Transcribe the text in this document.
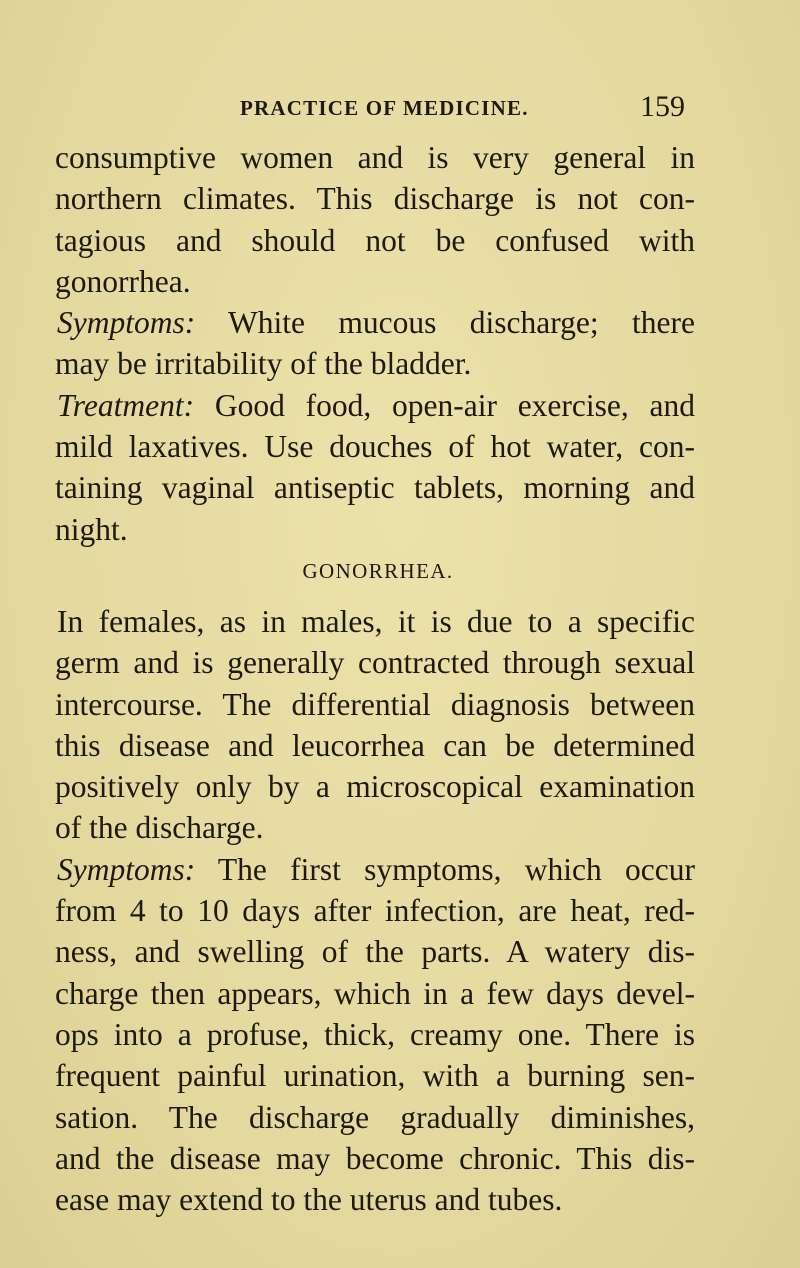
PRACTICE OF MEDICINE.	159
consumptive women and is very general in
northern climates. This discharge is not con-
tagious and should not be confused with
gonorrhea.
Symptoms: White mucous discharge; there
may be irritability of the bladder.
Treatment: Good food, open-air exercise, and
mild laxatives. Use douches of hot water, con-
taining vaginal antiseptic tablets, morning and
night.
GONORRHEA.
In females, as in males, it is due to a specific
germ and is generally contracted through sexual
intercourse. The differential diagnosis between
this disease and leucorrhea can be determined
positively only by a microscopical examination
of the discharge.
Symptoms: The first symptoms, which occur
from 4 to 10 days after infection, are heat, red-
ness, and swelling of the parts. A watery dis-
charge then appears, which in a few days devel-
ops into a profuse, thick, creamy one. There is
frequent painful urination, with a burning sen-
sation. The discharge gradually diminishes,
and the disease may become chronic. This dis-
ease may extend to the uterus and tubes.
